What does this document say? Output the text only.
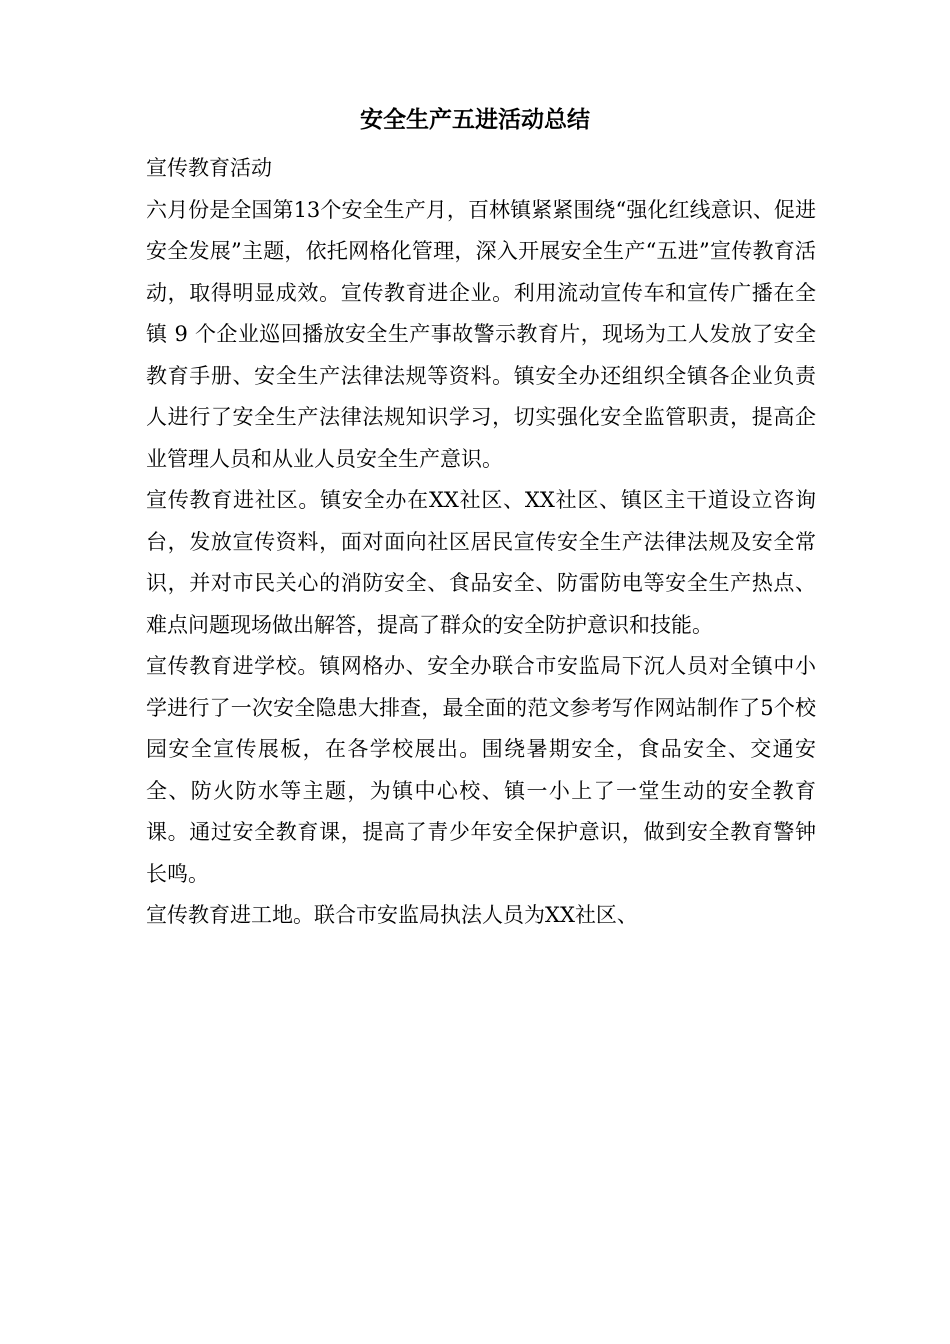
安全生产五进活动总结

宣传教育活动

六月份是全国第13个安全生产月，百林镇紧紧围绕“强化红线意识、促进安全发展”主题，依托网格化管理，深入开展安全生产“五进”宣传教育活动，取得明显成效。宣传教育进企业。利用流动宣传车和宣传广播在全镇 9 个企业巡回播放安全生产事故警示教育片，现场为工人发放了安全教育手册、安全生产法律法规等资料。镇安全办还组织全镇各企业负责人进行了安全生产法律法规知识学习，切实强化安全监管职责，提高企业管理人员和从业人员安全生产意识。

宣传教育进社区。镇安全办在XX社区、XX社区、镇区主干道设立咨询台，发放宣传资料，面对面向社区居民宣传安全生产法律法规及安全常识，并对市民关心的消防安全、食品安全、防雷防电等安全生产热点、难点问题现场做出解答，提高了群众的安全防护意识和技能。

宣传教育进学校。镇网格办、安全办联合市安监局下沉人员对全镇中小学进行了一次安全隐患大排查，最全面的范文参考写作网站制作了5个校园安全宣传展板，在各学校展出。围绕暑期安全，食品安全、交通安全、防火防水等主题，为镇中心校、镇一小上了一堂生动的安全教育课。通过安全教育课，提高了青少年安全保护意识，做到安全教育警钟长鸣。

宣传教育进工地。联合市安监局执法人员为XX社区、
